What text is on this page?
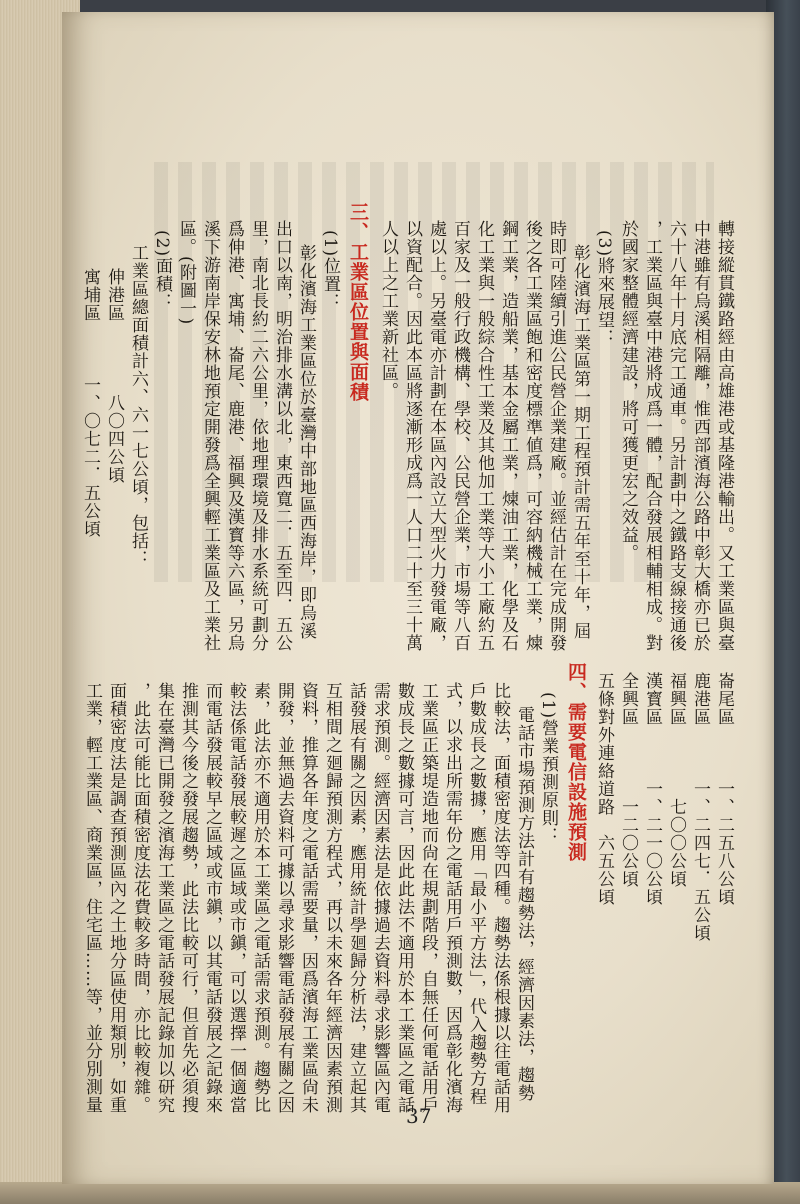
轉接縱貫鐵路經由高雄港或基隆港輸出。又工業區與臺
中港雖有烏溪相隔離，惟西部濱海公路中彰大橋亦已於
六十八年十月底完工通車。另計劃中之鐵路支線接通後
，工業區與臺中港將成爲一體，配合發展相輔相成。對
於國家整體經濟建設，將可獲更宏之效益。
(3)將來展望：
彰化濱海工業區第一期工程預計需五年至十年，屆
時即可陸續引進公民營企業建廠。並經估計在完成開發
後之各工業區飽和密度標準値爲，可容納機械工業，煉
鋼工業，造船業，基本金屬工業，煉油工業，化學及石
化工業與一般綜合性工業及其他加工業等大小工廠約五
百家及一般行政機構、學校、公民營企業，市場等八百
處以上。另臺電亦計劃在本區內設立大型火力發電廠，
以資配合。因此本區將逐漸形成爲一人口二十至三十萬
人以上之工業新社區。
三、工業區位置與面積
(1)位置：
彰化濱海工業區位於臺灣中部地區西海岸，即烏溪
出口以南，明治排水溝以北，東西寬二．五至四．五公
里，南北長約二六公里，依地理環境及排水系統可劃分
爲伸港、寓埔、崙尾、鹿港、福興及漢寳等六區，另烏
溪下游南岸保安林地預定開發爲全興輕工業區及工業社
區。(附圖一)
(2)面積：
工業區總面積計六、六一七公頃，包括：
伸港區　　　　八〇四公頃
寓埔區　　　一、〇七二．五公頃
崙尾區　　　一、二五八公頃
鹿港區　　　一、二四七．五公頃
福興區　　　　七〇〇公頃
漢寳區　　　一、二一〇公頃
全興區　　　　一二〇公頃
五條對外連絡道路　六五公頃
四、需要電信設施預測
(1)營業預測原則：
電話市場預測方法計有趨勢法，經濟因素法，趨勢
比較法，面積密度法等四種。趨勢法係根據以往電話用
戶數成長之數據，應用「最小平方法」，代入趨勢方程
式，以求出所需年份之電話用戶預測數，因爲彰化濱海
工業區正築堤造地而尙在規劃階段，自無任何電話用戶
數成長之數據可言，因此此法不適用於本工業區之電話
需求預測。經濟因素法是依據過去資料尋求影響區內電
話發展有關之因素，應用統計學廻歸分析法，建立起其
互相間之廻歸預測方程式，再以未來各年經濟因素預測
資料，推算各年度之電話需要量，因爲濱海工業區尙未
開發，並無過去資料可據以尋求影響電話發展有關之因
素，此法亦不適用於本工業區之電話需求預測。趨勢比
較法係電話發展較遲之區域或市鎭，可以選擇一個適當
而電話發展較早之區域或市鎭，以其電話發展之記錄來
推測其今後之發展趨勢，此法比較可行，但首先必須搜
集在臺灣已開發之濱海工業區之電話發展記錄加以研究
，此法可能比面積密度法花費較多時間，亦比較複雜。
面積密度法是調查預測區內之土地分區使用類別，如重
工業，輕工業區、商業區，住宅區……等，並分別測量
37
